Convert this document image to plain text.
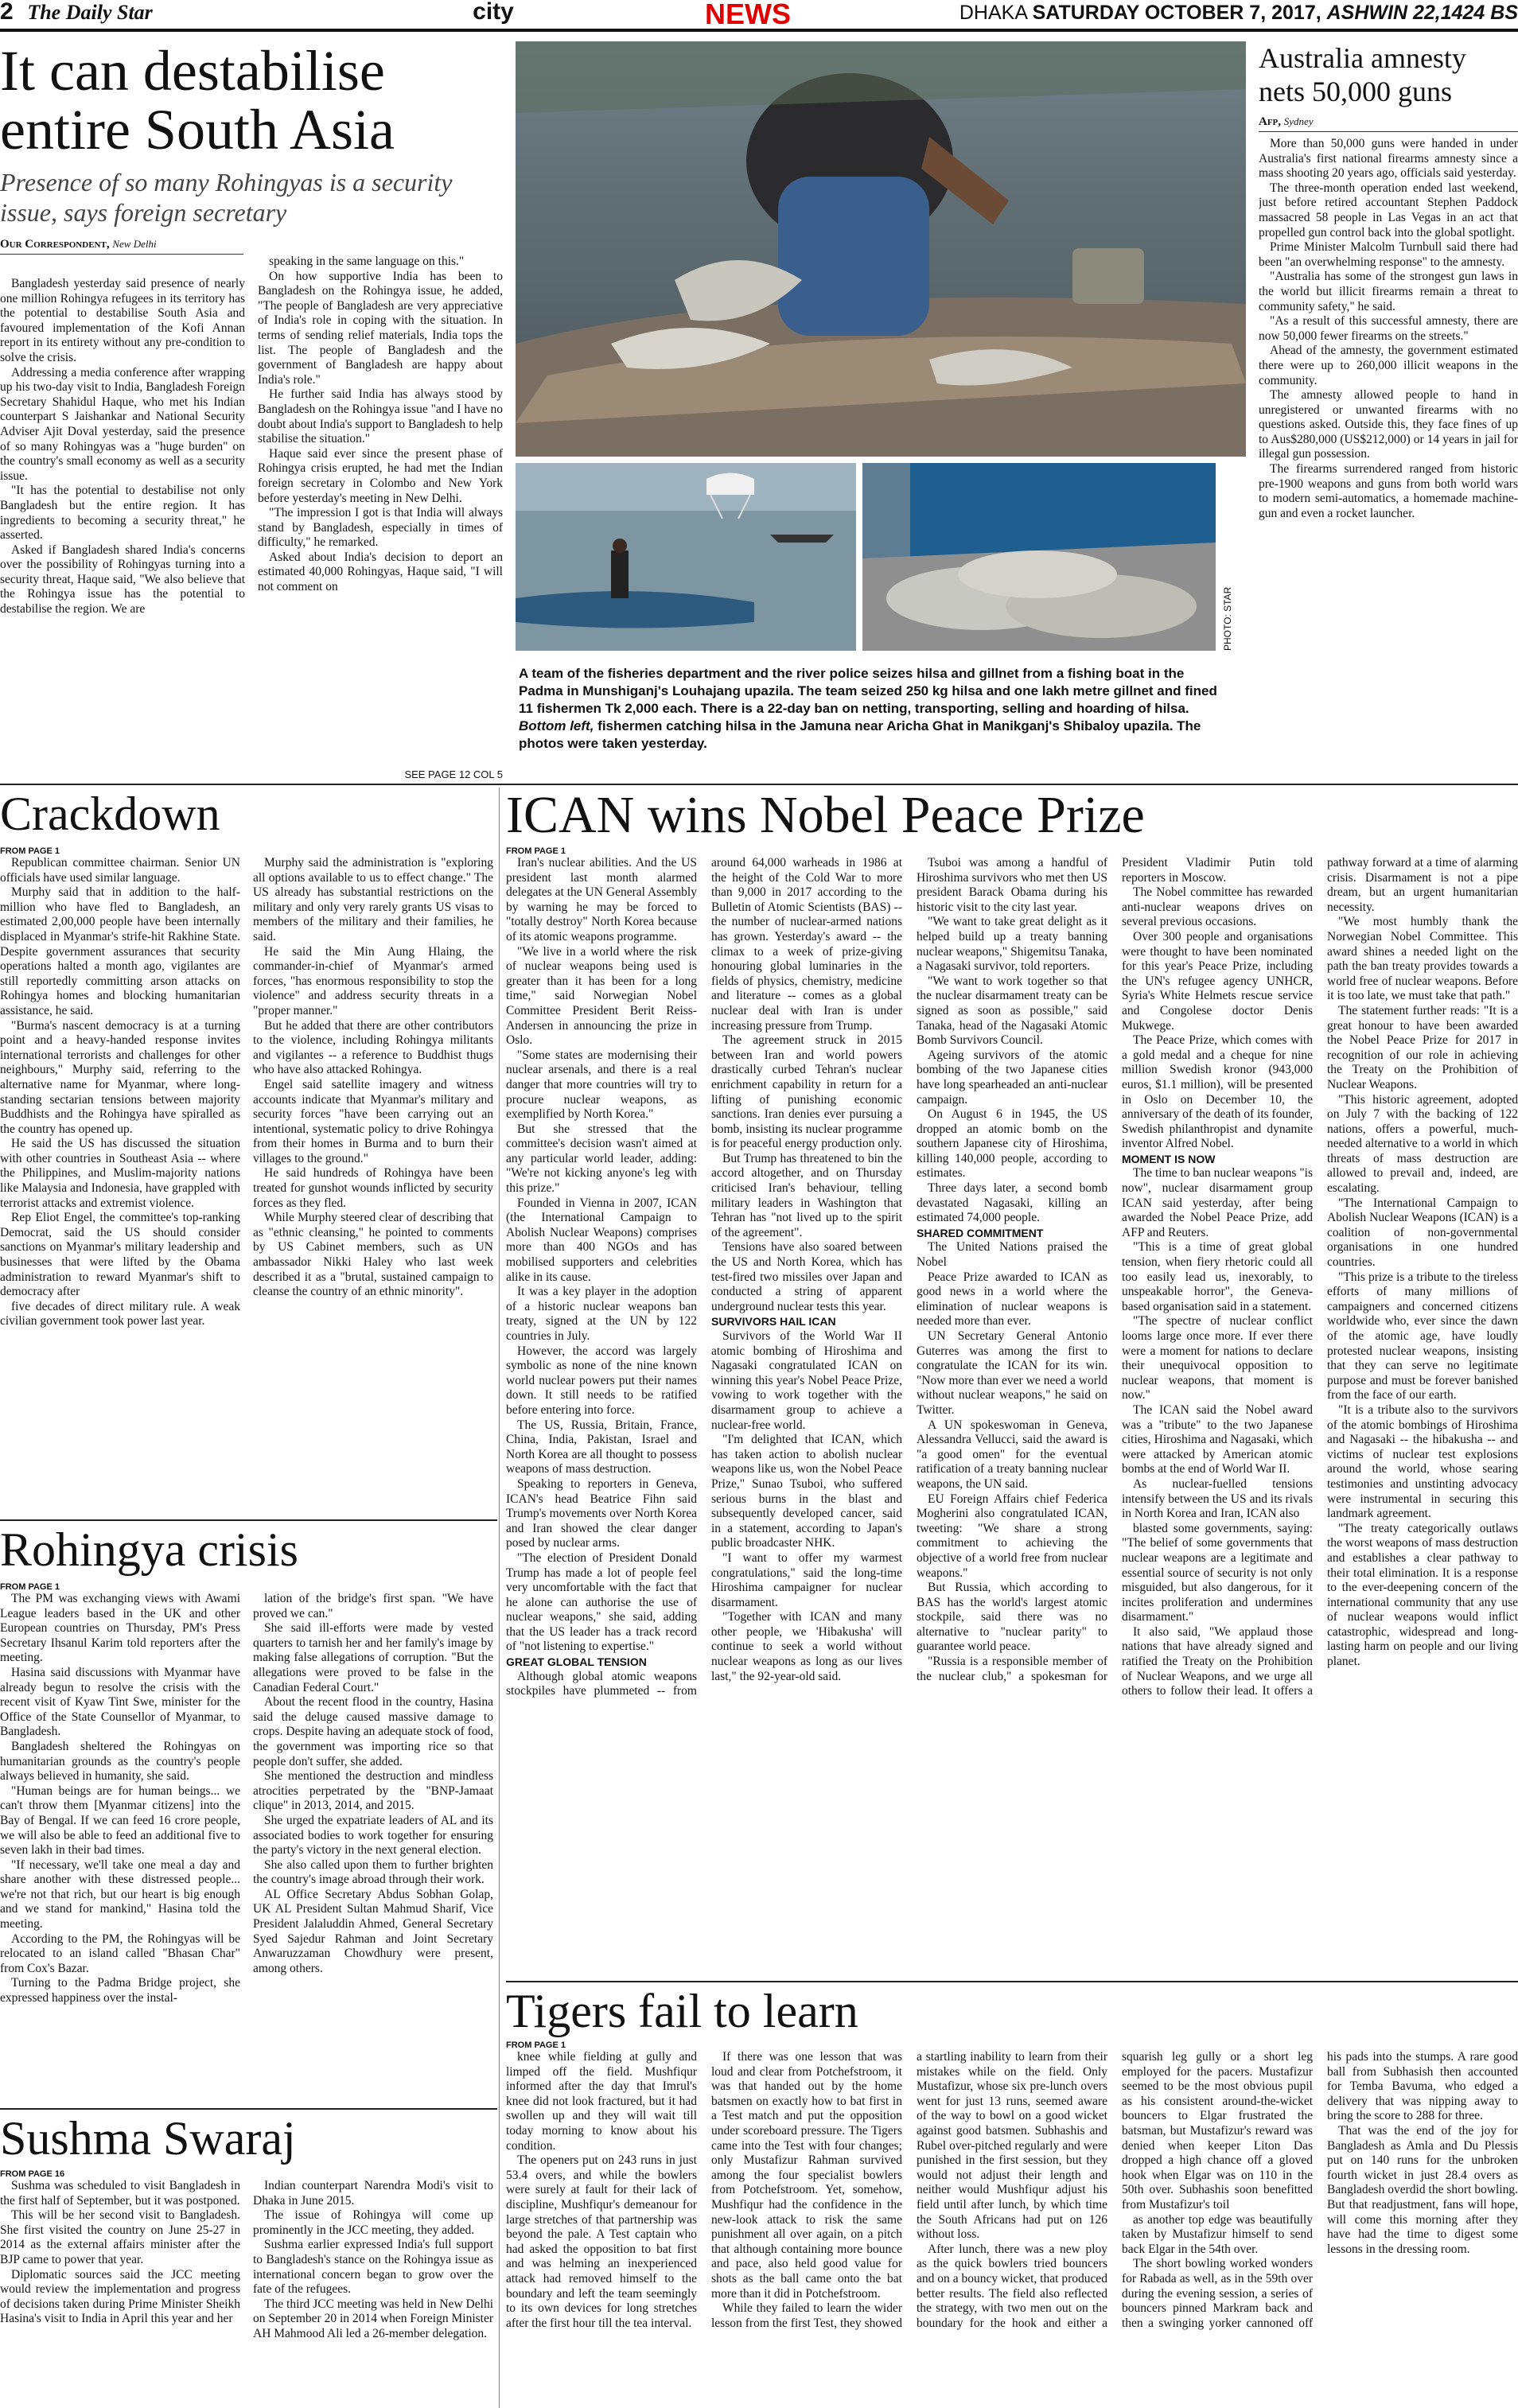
2 The Daily Star	city	NEWS	DHAKA SATURDAY OCTOBER 7, 2017, ASHWIN 22,1424 BS
It can destabilise entire South Asia
Presence of so many Rohingyas is a security issue, says foreign secretary
Our Correspondent, New Delhi

Bangladesh yesterday said presence of nearly one million Rohingya refugees in its territory has the potential to destabilise South Asia and favoured implementation of the Kofi Annan report in its entirety without any pre-condition to solve the crisis.

Addressing a media conference after wrapping up his two-day visit to India, Bangladesh Foreign Secretary Shahidul Haque, who met his Indian counterpart S Jaishankar and National Security Adviser Ajit Doval yesterday, said the presence of so many Rohingyas was a "huge burden" on the country's small economy as well as a security issue.

"It has the potential to destabilise not only Bangladesh but the entire region. It has ingredients to becoming a security threat," he asserted.

Asked if Bangladesh shared India's concerns over the possibility of Rohingyas turning into a security threat, Haque said, "We also believe that the Rohingya issue has the potential to destabilise the region. We are

speaking in the same language on this."

On how supportive India has been to Bangladesh on the Rohingya issue, he added, "The people of Bangladesh are very appreciative of India's role in coping with the situation. In terms of sending relief materials, India tops the list. The people of Bangladesh and the government of Bangladesh are happy about India's role."

He further said India has always stood by Bangladesh on the Rohingya issue "and I have no doubt about India's support to Bangladesh to help stabilise the situation."

Haque said ever since the present phase of Rohingya crisis erupted, he had met the Indian foreign secretary in Colombo and New York before yesterday's meeting in New Delhi.

"The impression I got is that India will always stand by Bangladesh, especially in times of difficulty," he remarked.

Asked about India's decision to deport an estimated 40,000 Rohingyas, Haque said, "I will not comment on

SEE PAGE 12 COL 5
PHOTO: STAR
A team of the fisheries department and the river police seizes hilsa and gillnet from a fishing boat in the Padma in Munshiganj's Louhajang upazila. The team seized 250 kg hilsa and one lakh metre gillnet and fined 11 fishermen Tk 2,000 each. There is a 22-day ban on netting, transporting, selling and hoarding of hilsa. Bottom left, fishermen catching hilsa in the Jamuna near Aricha Ghat in Manikganj's Shibaloy upazila. The photos were taken yesterday.
Australia amnesty nets 50,000 guns
Afp, Sydney

More than 50,000 guns were handed in under Australia's first national firearms amnesty since a mass shooting 20 years ago, officials said yesterday.

The three-month operation ended last weekend, just before retired accountant Stephen Paddock massacred 58 people in Las Vegas in an act that propelled gun control back into the global spotlight.

Prime Minister Malcolm Turnbull said there had been "an overwhelming response" to the amnesty.

"Australia has some of the strongest gun laws in the world but illicit firearms remain a threat to community safety," he said.

"As a result of this successful amnesty, there are now 50,000 fewer firearms on the streets."

Ahead of the amnesty, the government estimated there were up to 260,000 illicit weapons in the community.

The amnesty allowed people to hand in unregistered or unwanted firearms with no questions asked. Outside this, they face fines of up to Aus$280,000 (US$212,000) or 14 years in jail for illegal gun possession.

The firearms surrendered ranged from historic pre-1900 weapons and guns from both world wars to modern semi-automatics, a homemade machine-gun and even a rocket launcher.

Crackdown
FROM PAGE 1

Republican committee chairman. Senior UN officials have used similar language.

Murphy said that in addition to the half-million who have fled to Bangladesh, an estimated 2,00,000 people have been internally displaced in Myanmar's strife-hit Rakhine State. Despite government assurances that security operations halted a month ago, vigilantes are still reportedly committing arson attacks on Rohingya homes and blocking humanitarian assistance, he said.

"Burma's nascent democracy is at a turning point and a heavy-handed response invites international terrorists and challenges for other neighbours," Murphy said, referring to the alternative name for Myanmar, where long-standing sectarian tensions between majority Buddhists and the Rohingya have spiralled as the country has opened up.

He said the US has discussed the situation with other countries in Southeast Asia -- where the Philippines, and Muslim-majority nations like Malaysia and Indonesia, have grappled with terrorist attacks and extremist violence.

Rep Eliot Engel, the committee's top-ranking Democrat, said the US should consider sanctions on Myanmar's military leadership and businesses that were lifted by the Obama administration to reward Myanmar's shift to democracy after

five decades of direct military rule. A weak civilian government took power last year.

Murphy said the administration is "exploring all options available to us to effect change." The US already has substantial restrictions on the military and only very rarely grants US visas to members of the military and their families, he said.

He said the Min Aung Hlaing, the commander-in-chief of Myanmar's armed forces, "has enormous responsibility to stop the violence" and address security threats in a "proper manner."

But he added that there are other contributors to the violence, including Rohingya militants and vigilantes -- a reference to Buddhist thugs who have also attacked Rohingya.

Engel said satellite imagery and witness accounts indicate that Myanmar's military and security forces "have been carrying out an intentional, systematic policy to drive Rohingya from their homes in Burma and to burn their villages to the ground."

He said hundreds of Rohingya have been treated for gunshot wounds inflicted by security forces as they fled.

While Murphy steered clear of describing that as "ethnic cleansing," he pointed to comments by US Cabinet members, such as UN ambassador Nikki Haley who last week described it as a "brutal, sustained campaign to cleanse the country of an ethnic minority".

Rohingya crisis
FROM PAGE 1

The PM was exchanging views with Awami League leaders based in the UK and other European countries on Thursday, PM's Press Secretary Ihsanul Karim told reporters after the meeting.

Hasina said discussions with Myanmar have already begun to resolve the crisis with the recent visit of Kyaw Tint Swe, minister for the Office of the State Counsellor of Myanmar, to Bangladesh.

Bangladesh sheltered the Rohingyas on humanitarian grounds as the country's people always believed in humanity, she said.

"Human beings are for human beings... we can't throw them [Myanmar citizens] into the Bay of Bengal. If we can feed 16 crore people, we will also be able to feed an additional five to seven lakh in their bad times.

"If necessary, we'll take one meal a day and share another with these distressed people... we're not that rich, but our heart is big enough and we stand for mankind," Hasina told the meeting.

According to the PM, the Rohingyas will be relocated to an island called "Bhasan Char" from Cox's Bazar.

Turning to the Padma Bridge project, she expressed happiness over the instal-

lation of the bridge's first span. "We have proved we can."

She said ill-efforts were made by vested quarters to tarnish her and her family's image by making false allegations of corruption. "But the allegations were proved to be false in the Canadian Federal Court."

About the recent flood in the country, Hasina said the deluge caused massive damage to crops. Despite having an adequate stock of food, the government was importing rice so that people don't suffer, she added.

She mentioned the destruction and mindless atrocities perpetrated by the "BNP-Jamaat clique" in 2013, 2014, and 2015.

She urged the expatriate leaders of AL and its associated bodies to work together for ensuring the party's victory in the next general election.

She also called upon them to further brighten the country's image abroad through their work.

AL Office Secretary Abdus Sobhan Golap, UK AL President Sultan Mahmud Sharif, Vice President Jalaluddin Ahmed, General Secretary Syed Sajedur Rahman and Joint Secretary Anwaruzzaman Chowdhury were present, among others.

Sushma Swaraj
FROM PAGE 16

Sushma was scheduled to visit Bangladesh in the first half of September, but it was postponed.

This will be her second visit to Bangladesh. She first visited the country on June 25-27 in 2014 as the external affairs minister after the BJP came to power that year.

Diplomatic sources said the JCC meeting would review the implementation and progress of decisions taken during Prime Minister Sheikh Hasina's visit to India in April this year and her

Indian counterpart Narendra Modi's visit to Dhaka in June 2015.

The issue of Rohingya will come up prominently in the JCC meeting, they added.

Sushma earlier expressed India's full support to Bangladesh's stance on the Rohingya issue as international concern began to grow over the fate of the refugees.

The third JCC meeting was held in New Delhi on September 20 in 2014 when Foreign Minister AH Mahmood Ali led a 26-member delegation.

ICAN wins Nobel Peace Prize
FROM PAGE 1

Iran's nuclear abilities. And the US president last month alarmed delegates at the UN General Assembly by warning he may be forced to "totally destroy" North Korea because of its atomic weapons programme.

"We live in a world where the risk of nuclear weapons being used is greater than it has been for a long time," said Norwegian Nobel Committee President Berit Reiss-Andersen in announcing the prize in Oslo.

"Some states are modernising their nuclear arsenals, and there is a real danger that more countries will try to procure nuclear weapons, as exemplified by North Korea."

But she stressed that the committee's decision wasn't aimed at any particular world leader, adding: "We're not kicking anyone's leg with this prize."

Founded in Vienna in 2007, ICAN (the International Campaign to Abolish Nuclear Weapons) comprises more than 400 NGOs and has mobilised supporters and celebrities alike in its cause.

It was a key player in the adoption of a historic nuclear weapons ban treaty, signed at the UN by 122 countries in July.

However, the accord was largely symbolic as none of the nine known world nuclear powers put their names down. It still needs to be ratified before entering into force.

The US, Russia, Britain, France, China, India, Pakistan, Israel and North Korea are all thought to possess weapons of mass destruction.

Speaking to reporters in Geneva, ICAN's head Beatrice Fihn said Trump's movements over North Korea and Iran showed the clear danger posed by nuclear arms.

"The election of President Donald Trump has made a lot of people feel very uncomfortable with the fact that he alone can authorise the use of nuclear weapons," she said, adding that the US leader has a track record of "not listening to expertise."

GREAT GLOBAL TENSION

Although global atomic weapons stockpiles have plummeted -- from around 64,000 warheads in 1986 at the height of the Cold War to more than 9,000 in 2017 according to the Bulletin of Atomic Scientists (BAS) -- the number of nuclear-armed nations has grown. Yesterday's award -- the climax to a week of prize-giving honouring global luminaries in the fields of physics, chemistry, medicine and literature -- comes as a global nuclear deal with Iran is under increasing pressure from Trump.

The agreement struck in 2015 between Iran and world powers drastically curbed Tehran's nuclear enrichment capability in return for a lifting of punishing economic sanctions. Iran denies ever pursuing a bomb, insisting its nuclear programme is for peaceful energy production only.

But Trump has threatened to bin the accord altogether, and on Thursday criticised Iran's behaviour, telling military leaders in Washington that Tehran has "not lived up to the spirit of the agreement".

Tensions have also soared between the US and North Korea, which has test-fired two missiles over Japan and conducted a string of apparent underground nuclear tests this year.

SURVIVORS HAIL ICAN

Survivors of the World War II atomic bombing of Hiroshima and Nagasaki congratulated ICAN on winning this year's Nobel Peace Prize, vowing to work together with the disarmament group to achieve a nuclear-free world.

"I'm delighted that ICAN, which has taken action to abolish nuclear weapons like us, won the Nobel Peace Prize," Sunao Tsuboi, who suffered serious burns in the blast and subsequently developed cancer, said in a statement, according to Japan's public broadcaster NHK.

"I want to offer my warmest congratulations," said the long-time Hiroshima campaigner for nuclear disarmament.

"Together with ICAN and many other people, we 'Hibakusha' will continue to seek a world without nuclear weapons as long as our lives last," the 92-year-old said.

Tsuboi was among a handful of Hiroshima survivors who met then US president Barack Obama during his historic visit to the city last year.

"We want to take great delight as it helped build up a treaty banning nuclear weapons," Shigemitsu Tanaka, a Nagasaki survivor, told reporters.

"We want to work together so that the nuclear disarmament treaty can be signed as soon as possible," said Tanaka, head of the Nagasaki Atomic Bomb Survivors Council.

Ageing survivors of the atomic bombing of the two Japanese cities have long spearheaded an anti-nuclear campaign.

On August 6 in 1945, the US dropped an atomic bomb on the southern Japanese city of Hiroshima, killing 140,000 people, according to estimates.

Three days later, a second bomb devastated Nagasaki, killing an estimated 74,000 people.

SHARED COMMITMENT

The United Nations praised the Nobel

Peace Prize awarded to ICAN as good news in a world where the elimination of nuclear weapons is needed more than ever.

UN Secretary General Antonio Guterres was among the first to congratulate the ICAN for its win. "Now more than ever we need a world without nuclear weapons," he said on Twitter.

A UN spokeswoman in Geneva, Alessandra Vellucci, said the award is "a good omen" for the eventual ratification of a treaty banning nuclear weapons, the UN said.

EU Foreign Affairs chief Federica Mogherini also congratulated ICAN, tweeting: "We share a strong commitment to achieving the objective of a world free from nuclear weapons."

But Russia, which according to BAS has the world's largest atomic stockpile, said there was no alternative to "nuclear parity" to guarantee world peace.

"Russia is a responsible member of the nuclear club," a spokesman for President Vladimir Putin told reporters in Moscow.

The Nobel committee has rewarded anti-nuclear weapons drives on several previous occasions.

Over 300 people and organisations were thought to have been nominated for this year's Peace Prize, including the UN's refugee agency UNHCR, Syria's White Helmets rescue service and Congolese doctor Denis Mukwege.

The Peace Prize, which comes with a gold medal and a cheque for nine million Swedish kronor (943,000 euros, $1.1 million), will be presented in Oslo on December 10, the anniversary of the death of its founder, Swedish philanthropist and dynamite inventor Alfred Nobel.

MOMENT IS NOW

The time to ban nuclear weapons "is now", nuclear disarmament group ICAN said yesterday, after being awarded the Nobel Peace Prize, add AFP and Reuters.

"This is a time of great global tension, when fiery rhetoric could all too easily lead us, inexorably, to unspeakable horror", the Geneva-based organisation said in a statement.

"The spectre of nuclear conflict looms large once more. If ever there were a moment for nations to declare their unequivocal opposition to nuclear weapons, that moment is now."

The ICAN said the Nobel award was a "tribute" to the two Japanese cities, Hiroshima and Nagasaki, which were attacked by American atomic bombs at the end of World War II.

As nuclear-fuelled tensions intensify between the US and its rivals in North Korea and Iran, ICAN also

blasted some governments, saying: "The belief of some governments that nuclear weapons are a legitimate and essential source of security is not only misguided, but also dangerous, for it incites proliferation and undermines disarmament."

It also said, "We applaud those nations that have already signed and ratified the Treaty on the Prohibition of Nuclear Weapons, and we urge all others to follow their lead. It offers a pathway forward at a time of alarming crisis. Disarmament is not a pipe dream, but an urgent humanitarian necessity.

"We most humbly thank the Norwegian Nobel Committee. This award shines a needed light on the path the ban treaty provides towards a world free of nuclear weapons. Before it is too late, we must take that path."

The statement further reads: "It is a great honour to have been awarded the Nobel Peace Prize for 2017 in recognition of our role in achieving the Treaty on the Prohibition of Nuclear Weapons.

"This historic agreement, adopted on July 7 with the backing of 122 nations, offers a powerful, much-needed alternative to a world in which threats of mass destruction are allowed to prevail and, indeed, are escalating.

"The International Campaign to Abolish Nuclear Weapons (ICAN) is a coalition of non-governmental organisations in one hundred countries.

"This prize is a tribute to the tireless efforts of many millions of campaigners and concerned citizens worldwide who, ever since the dawn of the atomic age, have loudly protested nuclear weapons, insisting that they can serve no legitimate purpose and must be forever banished from the face of our earth.

"It is a tribute also to the survivors of the atomic bombings of Hiroshima and Nagasaki -- the hibakusha -- and victims of nuclear test explosions around the world, whose searing testimonies and unstinting advocacy were instrumental in securing this landmark agreement.

"The treaty categorically outlaws the worst weapons of mass destruction and establishes a clear pathway to their total elimination. It is a response to the ever-deepening concern of the international community that any use of nuclear weapons would inflict catastrophic, widespread and long-lasting harm on people and our living planet.

Tigers fail to learn
FROM PAGE 1

knee while fielding at gully and limped off the field. Mushfiqur informed after the day that Imrul's knee did not look fractured, but it had swollen up and they will wait till today morning to know about his condition.

The openers put on 243 runs in just 53.4 overs, and while the bowlers were surely at fault for their lack of discipline, Mushfiqur's demeanour for large stretches of that partnership was beyond the pale. A Test captain who had asked the opposition to bat first and was helming an inexperienced attack had removed himself to the boundary and left the team seemingly to its own devices for long stretches after the first hour till the tea interval.

If there was one lesson that was loud and clear from Potchefstroom, it was that handed out by the home batsmen on exactly how to bat first in a Test match and put the opposition under scoreboard pressure. The Tigers came into the Test with four changes; only Mustafizur Rahman survived among the four specialist bowlers from Potchefstroom. Yet, somehow, Mushfiqur had the confidence in the new-look attack to risk the same punishment all over again, on a pitch that although containing more bounce and pace, also held good value for shots as the ball came onto the bat more than it did in Potchefstroom.

While they failed to learn the wider lesson from the first Test, they showed a startling inability to learn from their mistakes while on the field. Only Mustafizur, whose six pre-lunch overs went for just 13 runs, seemed aware of the way to bowl on a good wicket against good batsmen. Subhashis and Rubel over-pitched regularly and were punished in the first session, but they would not adjust their length and neither would Mushfiqur adjust his field until after lunch, by which time the South Africans had put on 126 without loss.

After lunch, there was a new ploy as the quick bowlers tried bouncers and on a bouncy wicket, that produced better results. The field also reflected the strategy, with two men out on the boundary for the hook and either a squarish leg gully or a short leg employed for the pacers. Mustafizur seemed to be the most obvious pupil as his consistent around-the-wicket bouncers to Elgar frustrated the batsman, but Mustafizur's reward was denied when keeper Liton Das dropped a high chance off a gloved hook when Elgar was on 110 in the 50th over. Subhashis soon benefitted from Mustafizur's toil

as another top edge was beautifully taken by Mustafizur himself to send back Elgar in the 54th over.

The short bowling worked wonders for Rabada as well, as in the 59th over during the evening session, a series of bouncers pinned Markram back and then a swinging yorker cannoned off his pads into the stumps. A rare good ball from Subhasish then accounted for Temba Bavuma, who edged a delivery that was nipping away to bring the score to 288 for three.

That was the end of the joy for Bangladesh as Amla and Du Plessis put on 140 runs for the unbroken fourth wicket in just 28.4 overs as Bangladesh overdid the short bowling. But that readjustment, fans will hope, will come this morning after they have had the time to digest some lessons in the dressing room.
